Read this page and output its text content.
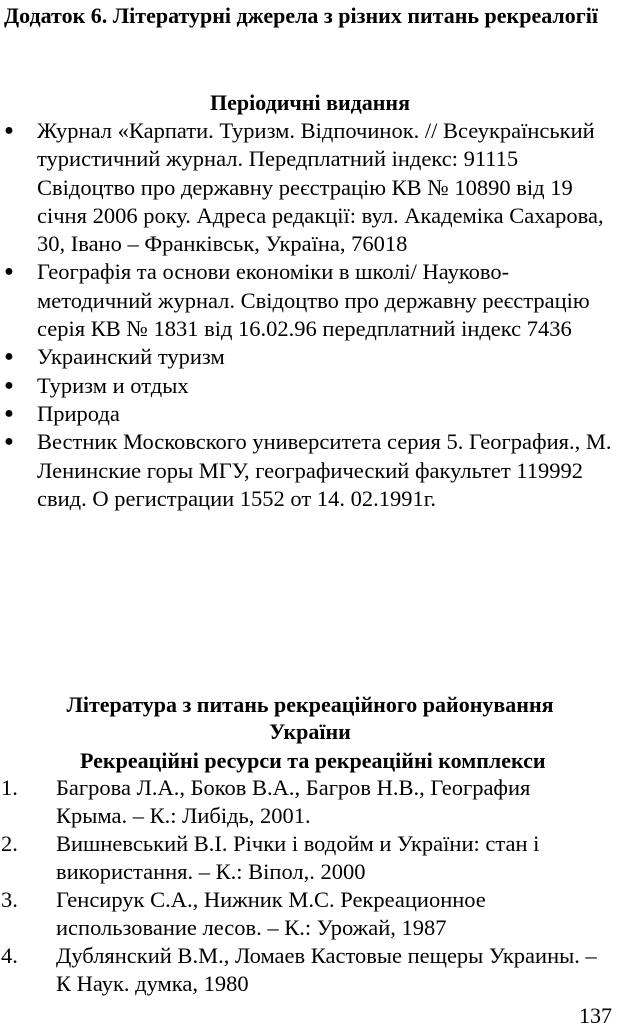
Додаток 6. Літературні джерела з різних питань рекреалогії
Періодичні видання
● Журнал «Карпати. Туризм. Відпочинок. // Всеукраїнський туристичний журнал. Передплатний індекс: 91115 Свідоцтво про державну реєстрацію КВ № 10890 від 19 січня 2006 року. Адреса редакції: вул. Академіка Сахарова, 30, Івано – Франківськ, Україна, 76018
● Географія та основи економіки в школі/ Науково-методичний журнал. Свідоцтво про державну реєстрацію серія КВ № 1831 від 16.02.96 передплатний індекс 7436
● Украинский туризм
● Туризм и отдых
● Природа
● Вестник Московского университета серия 5. География., М. Ленинские горы МГУ, географический факультет 119992 свид. О регистрации 1552 от 14. 02.1991г.
Література з питань рекреаційного районування
України
Рекреаційні ресурси та рекреаційні комплекси
1. Багрова Л.А., Боков В.А., Багров Н.В., География Крыма. – К.: Либідь, 2001.
2. Вишневський В.І. Річки і водойм и України: стан і використання. – К.: Віпол,. 2000
3. Генсирук С.А., Нижник М.С. Рекреационное использование лесов. – К.: Урожай, 1987
4. Дублянский В.М., Ломаев Кастовые пещеры Украины. – К Наук. думка, 1980
137
